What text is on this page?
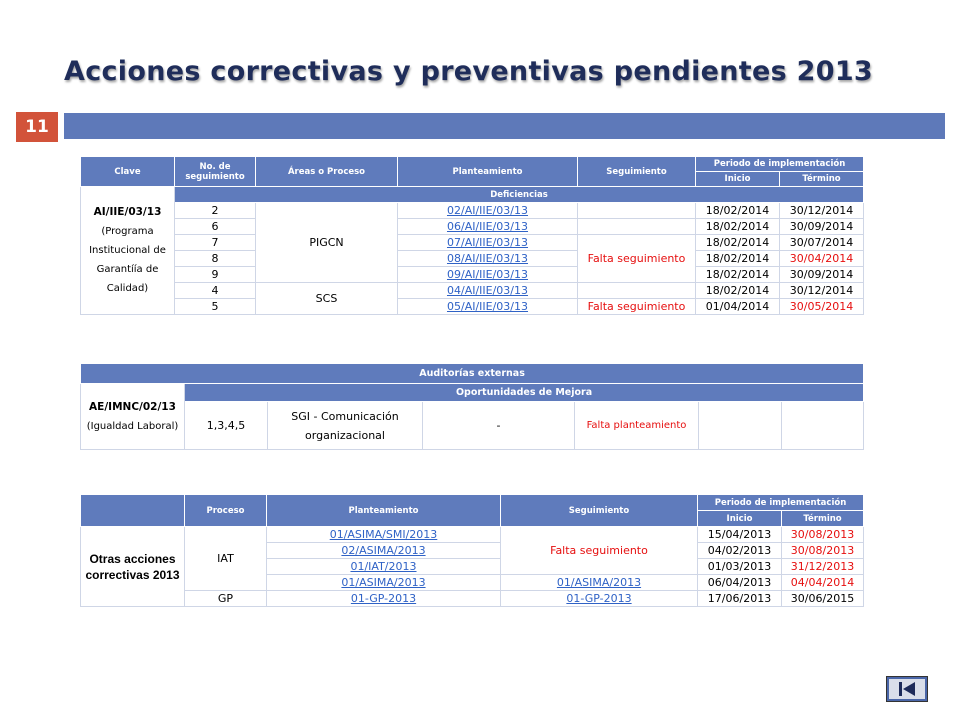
Acciones correctivas y preventivas pendientes 2013
11
Clave	No. de seguimiento	Áreas o Proceso	Planteamiento	Seguimiento	Periodo de implementación	
					Inicio	Término
AI/IIE/03/13
(Programa Institucional de Garantíía de Calidad)	Deficiencias					
	2	PIGCN	02/AI/IIE/03/13		18/02/2014	30/12/2014
	6		06/AI/IIE/03/13		18/02/2014	30/09/2014
	7		07/AI/IIE/03/13	Falta seguimiento	18/02/2014	30/07/2014
	8		08/AI/IIE/03/13		18/02/2014	30/04/2014
	9		09/AI/IIE/03/13		18/02/2014	30/09/2014
	4	SCS	04/AI/IIE/03/13		18/02/2014	30/12/2014
	5		05/AI/IIE/03/13	Falta seguimiento	01/04/2014	30/05/2014
Auditorías externas						
AE/IMNC/02/13
(Igualdad Laboral)	Oportunidades de Mejora					
	1,3,4,5	SGI - Comunicación organizacional	-	Falta planteamiento		
	Proceso	Planteamiento	Seguimiento	Periodo de implementación	
				Inicio	Término
Otras acciones correctivas 2013	IAT	01/ASIMA/SMI/2013	Falta seguimiento	15/04/2013	30/08/2013
		02/ASIMA/2013		04/02/2013	30/08/2013
		01/IAT/2013		01/03/2013	31/12/2013
		01/ASIMA/2013	01/ASIMA/2013	06/04/2013	04/04/2014
	GP	01-GP-2013	01-GP-2013	17/06/2013	30/06/2015
